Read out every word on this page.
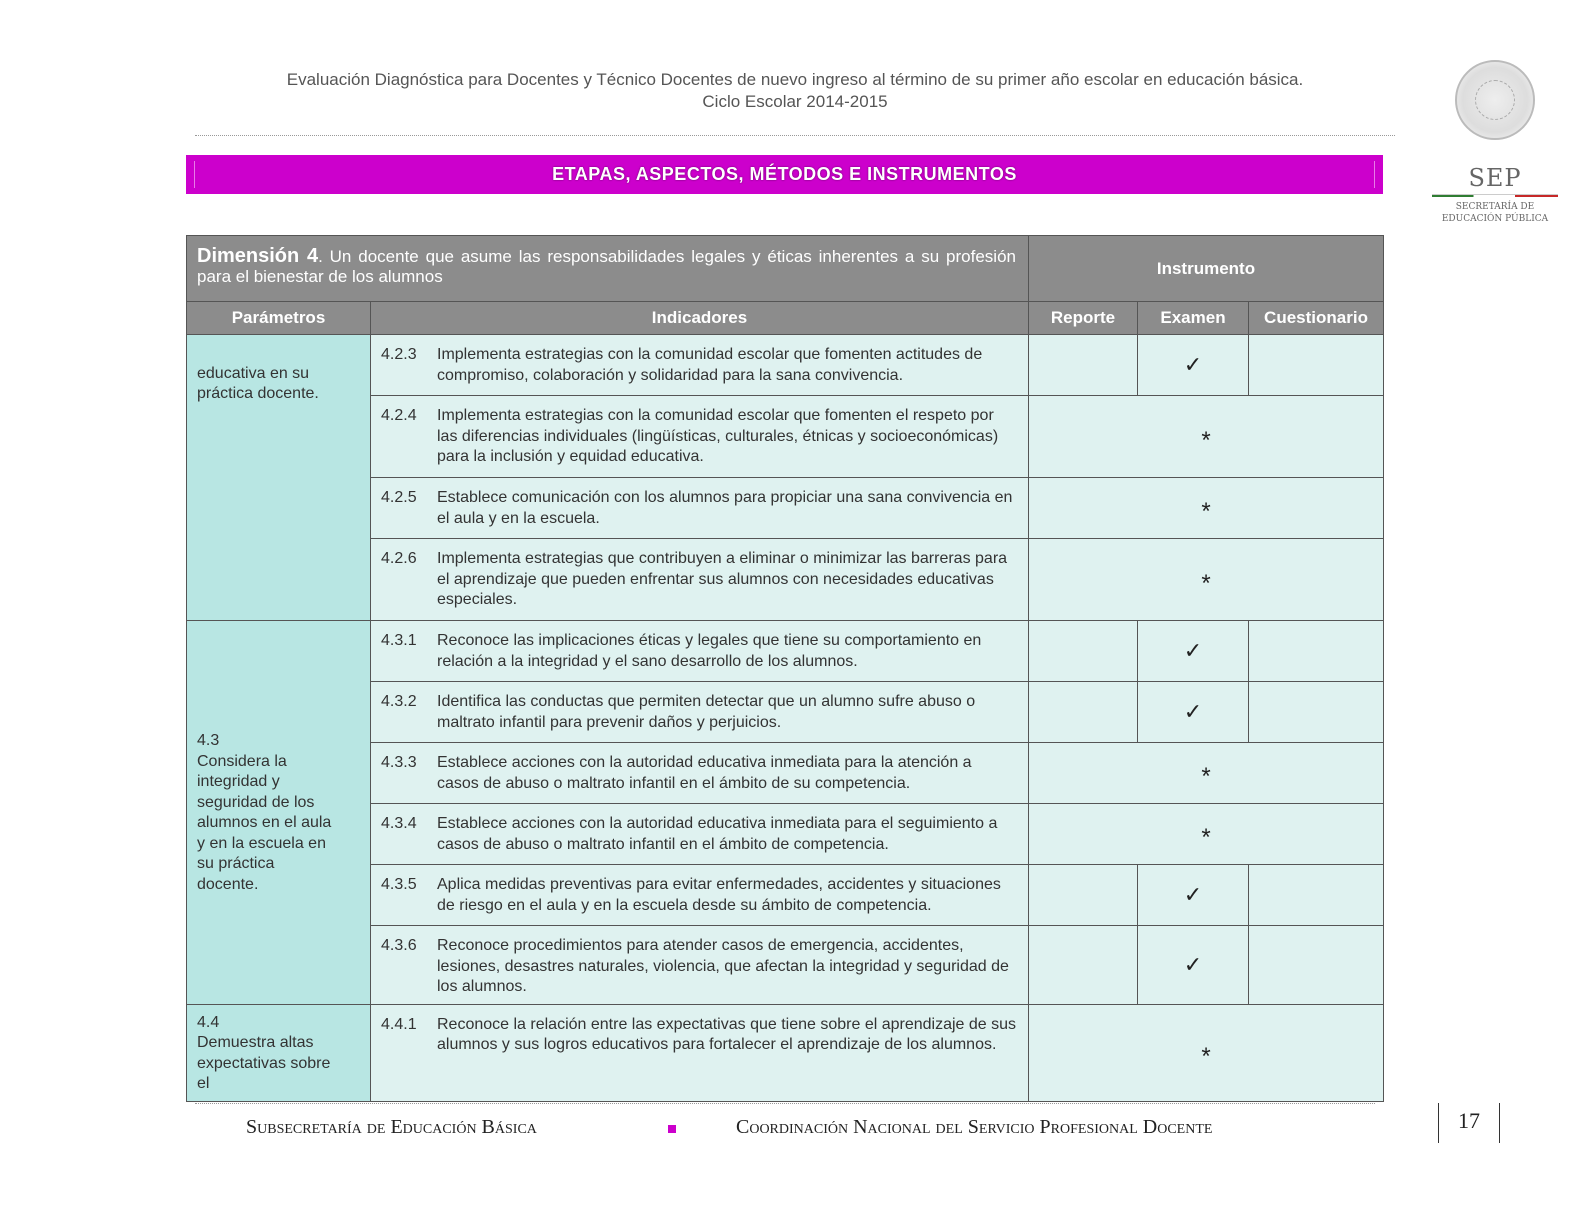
Evaluación Diagnóstica para Docentes y Técnico Docentes de nuevo ingreso al término de su primer año escolar en educación básica.
Ciclo Escolar 2014-2015
SEP
SECRETARÍA DE
EDUCACIÓN PÚBLICA
ETAPAS, ASPECTOS, MÉTODOS E INSTRUMENTOS
Dimensión 4. Un docente que asume las responsabilidades legales y éticas inherentes a su profesión para el bienestar de los alumnos		Instrumento		
Parámetros	Indicadores	Reporte	Examen	Cuestionario
educativa en su práctica docente.	4.2.3 Implementa estrategias con la comunidad escolar que fomenten actitudes de compromiso, colaboración y solidaridad para la sana convivencia.		✓	
	4.2.4 Implementa estrategias con la comunidad escolar que fomenten el respeto por las diferencias individuales (lingüísticas, culturales, étnicas y socioeconómicas) para la inclusión y equidad educativa.	*		
	4.2.5 Establece comunicación con los alumnos para propiciar una sana convivencia en el aula y en la escuela.	*		
	4.2.6 Implementa estrategias que contribuyen a eliminar o minimizar las barreras para el aprendizaje que pueden enfrentar sus alumnos con necesidades educativas especiales.	*		
4.3Considera la integridad y seguridad de los alumnos en el aula y en la escuela en su práctica docente.	4.3.1 Reconoce las implicaciones éticas y legales que tiene su comportamiento en relación a la integridad y el sano desarrollo de los alumnos.		✓	
	4.3.2 Identifica las conductas que permiten detectar que un alumno sufre abuso o maltrato infantil para prevenir daños y perjuicios.		✓	
	4.3.3 Establece acciones con la autoridad educativa inmediata para la atención a casos de abuso o maltrato infantil en el ámbito de su competencia.	*		
	4.3.4 Establece acciones con la autoridad educativa inmediata para el seguimiento a casos de abuso o maltrato infantil en el ámbito de competencia.	*		
	4.3.5 Aplica medidas preventivas para evitar enfermedades, accidentes y situaciones de riesgo en el aula y en la escuela desde su ámbito de competencia.		✓	
	4.3.6 Reconoce procedimientos para atender casos de emergencia, accidentes, lesiones, desastres naturales, violencia, que afectan la integridad y seguridad de los alumnos.		✓	
4.4Demuestra altas expectativas sobre el	4.4.1 Reconoce la relación entre las expectativas que tiene sobre el aprendizaje de sus alumnos y sus logros educativos para fortalecer el aprendizaje de los alumnos.	*		
Subsecretaría de Educación Básica	Coordinación Nacional del Servicio Profesional Docente	17
